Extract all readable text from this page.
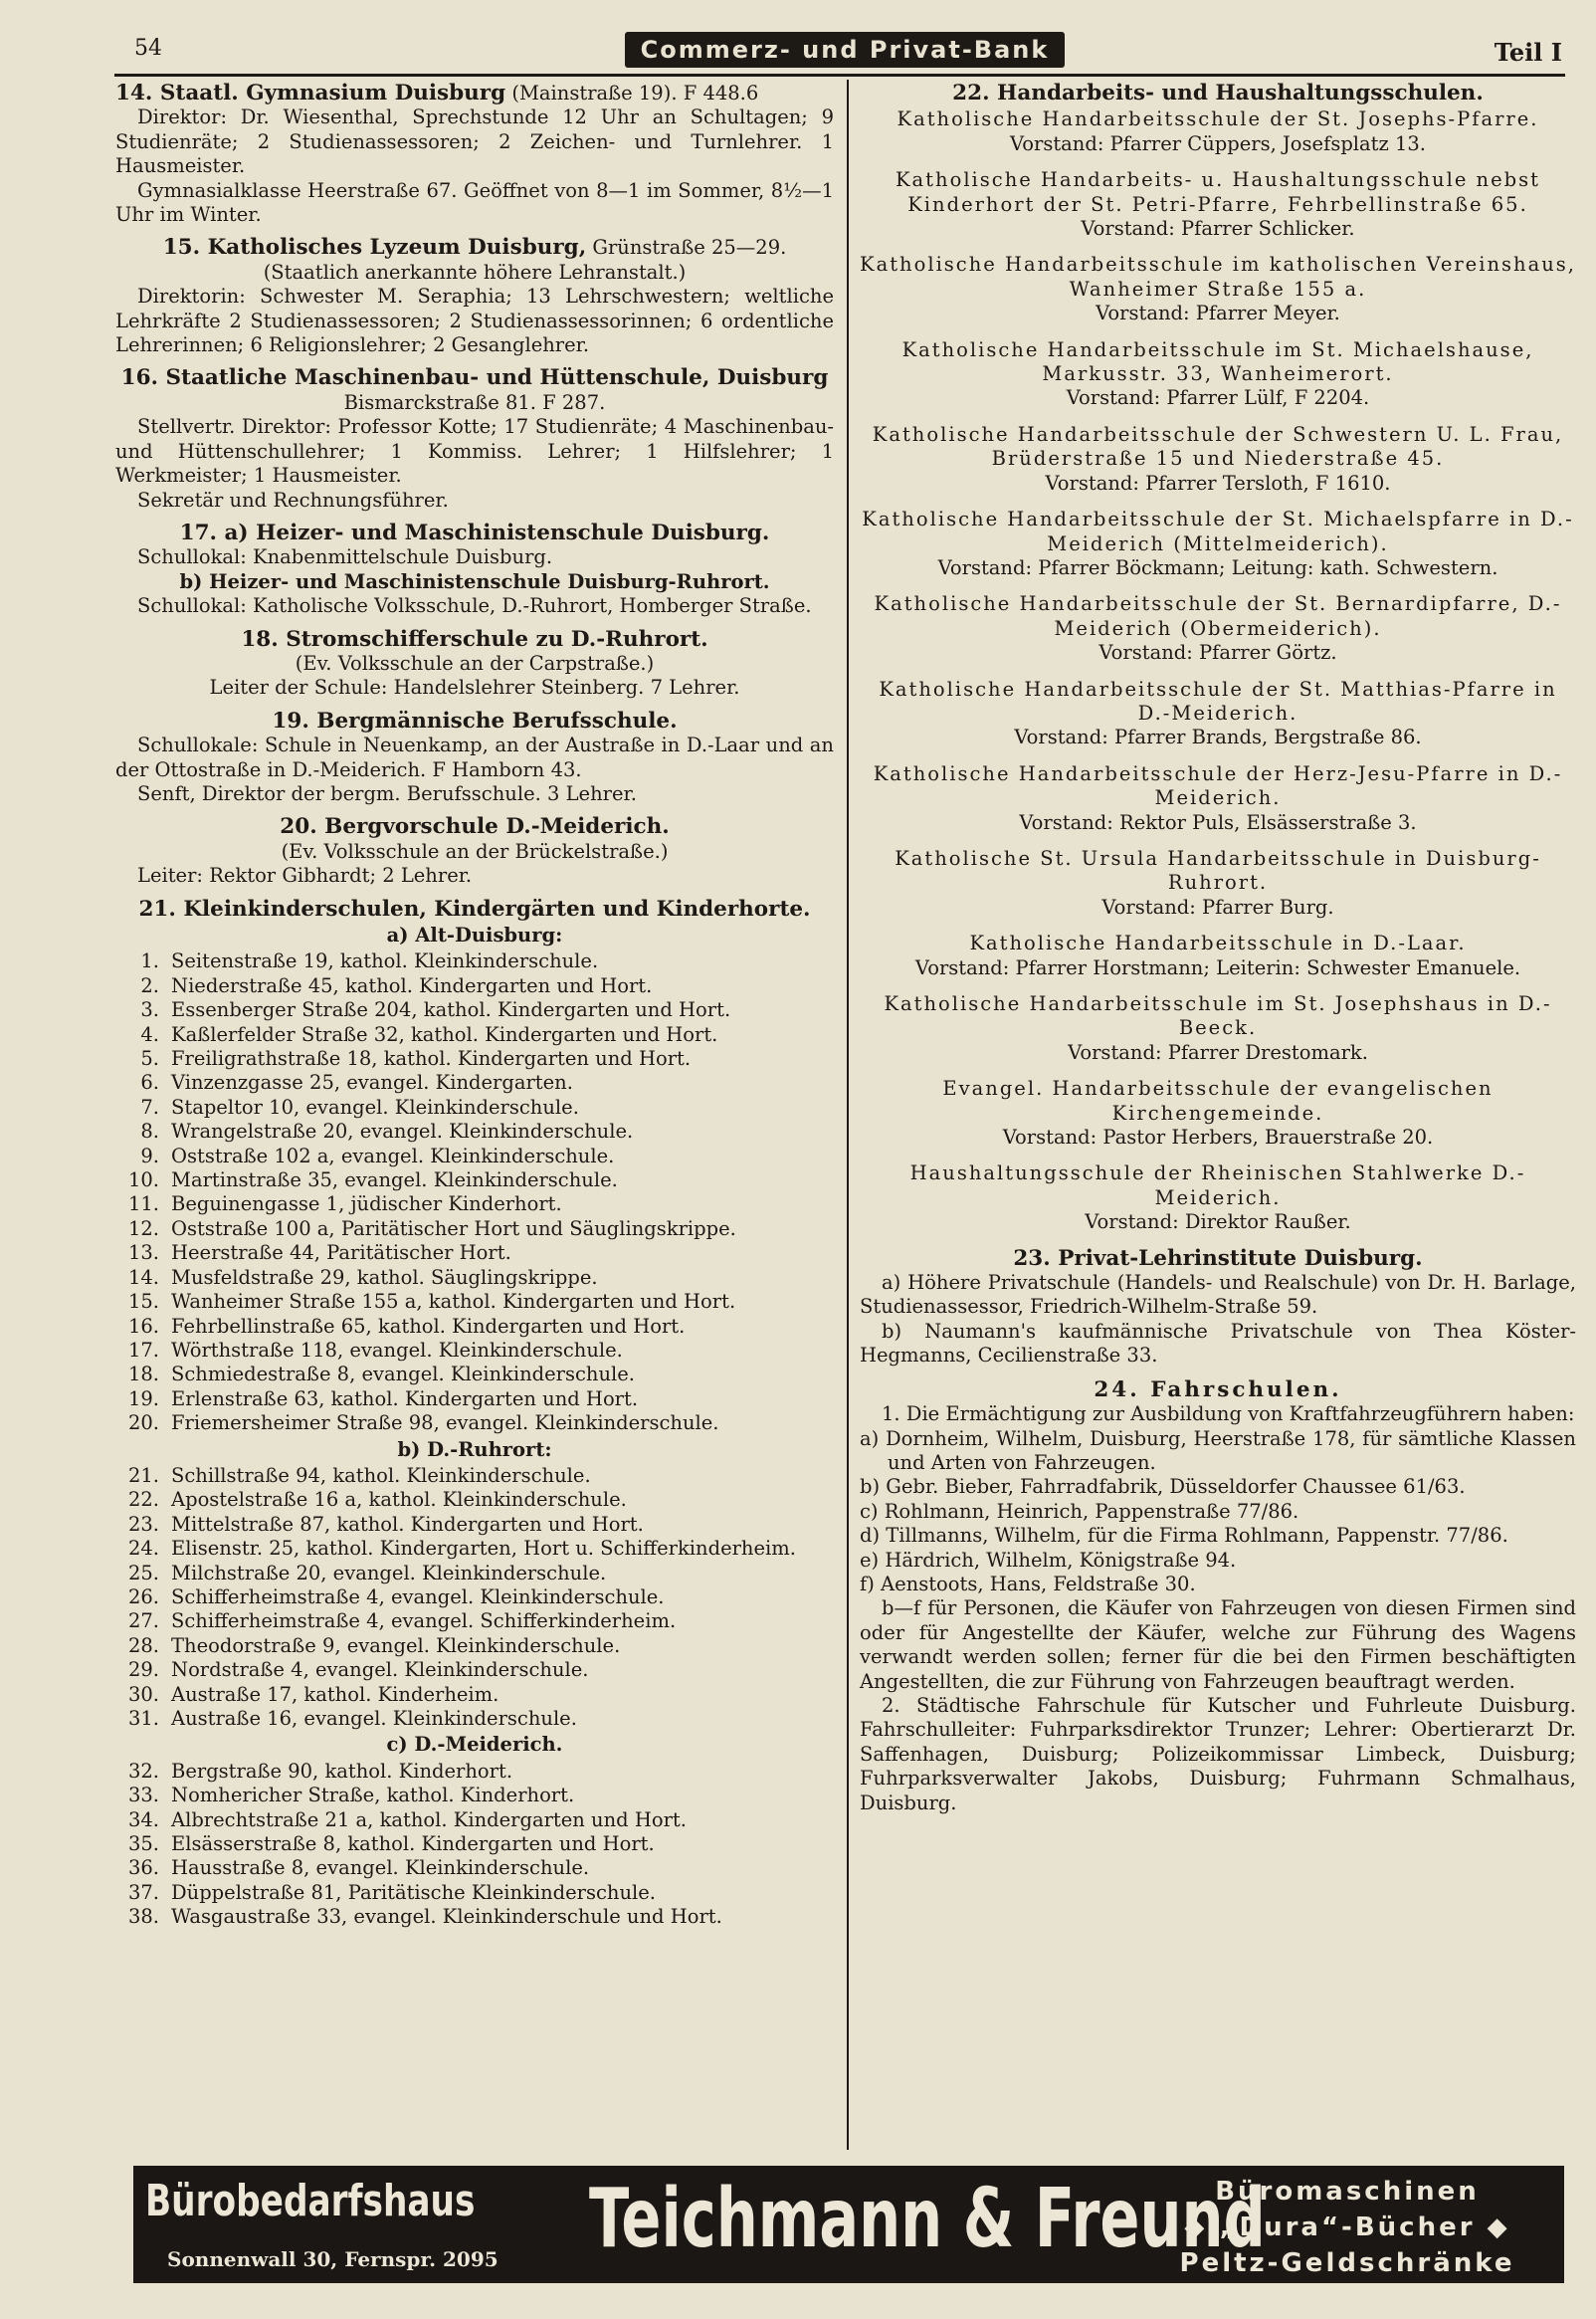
54	Commerz- und Privat-Bank	Teil I
14. Staatl. Gymnasium Duisburg (Mainstraße 19). F 448.6
Direktor: Dr. Wiesenthal, Sprechstunde 12 Uhr an Schultagen; 9 Studienräte; 2 Studienassessoren; 2 Zeichen- und Turnlehrer. 1 Hausmeister.
Gymnasialklasse Heerstraße 67. Geöffnet von 8—1 im Sommer, 8½—1 Uhr im Winter.
15. Katholisches Lyzeum Duisburg, Grünstraße 25—29.
(Staatlich anerkannte höhere Lehranstalt.)
Direktorin: Schwester M. Seraphia; 13 Lehrschwestern; weltliche Lehrkräfte 2 Studienassessoren; 2 Studienassessorinnen; 6 ordentliche Lehrerinnen; 6 Religionslehrer; 2 Gesanglehrer.
16. Staatliche Maschinenbau- und Hüttenschule, Duisburg
Bismarckstraße 81. F 287.
Stellvertr. Direktor: Professor Kotte; 17 Studienräte; 4 Maschinenbau- und Hüttenschullehrer; 1 Kommiss. Lehrer; 1 Hilfslehrer; 1 Werkmeister; 1 Hausmeister.
Sekretär und Rechnungsführer.
17. a) Heizer- und Maschinistenschule Duisburg.
Schullokal: Knabenmittelschule Duisburg.
b) Heizer- und Maschinistenschule Duisburg-Ruhrort.
Schullokal: Katholische Volksschule, D.-Ruhrort, Homberger Straße.
18. Stromschifferschule zu D.-Ruhrort.
(Ev. Volksschule an der Carpstraße.)
Leiter der Schule: Handelslehrer Steinberg. 7 Lehrer.
19. Bergmännische Berufsschule.
Schullokale: Schule in Neuenkamp, an der Austraße in D.-Laar und an der Ottostraße in D.-Meiderich. F Hamborn 43.
Senft, Direktor der bergm. Berufsschule. 3 Lehrer.
20. Bergvorschule D.-Meiderich.
(Ev. Volksschule an der Brückelstraße.)
Leiter: Rektor Gibhardt; 2 Lehrer.
21. Kleinkinderschulen, Kindergärten und Kinderhorte.
a) Alt-Duisburg:
1. Seitenstraße 19, kathol. Kleinkinderschule.
2. Niederstraße 45, kathol. Kindergarten und Hort.
3. Essenberger Straße 204, kathol. Kindergarten und Hort.
4. Kaßlerfelder Straße 32, kathol. Kindergarten und Hort.
5. Freiligrathstraße 18, kathol. Kindergarten und Hort.
6. Vinzenzgasse 25, evangel. Kindergarten.
7. Stapeltor 10, evangel. Kleinkinderschule.
8. Wrangelstraße 20, evangel. Kleinkinderschule.
9. Oststraße 102 a, evangel. Kleinkinderschule.
10. Martinstraße 35, evangel. Kleinkinderschule.
11. Beguinengasse 1, jüdischer Kinderhort.
12. Oststraße 100 a, Paritätischer Hort und Säuglingskrippe.
13. Heerstraße 44, Paritätischer Hort.
14. Musfeldstraße 29, kathol. Säuglingskrippe.
15. Wanheimer Straße 155 a, kathol. Kindergarten und Hort.
16. Fehrbellinstraße 65, kathol. Kindergarten und Hort.
17. Wörthstraße 118, evangel. Kleinkinderschule.
18. Schmiedestraße 8, evangel. Kleinkinderschule.
19. Erlenstraße 63, kathol. Kindergarten und Hort.
20. Friemersheimer Straße 98, evangel. Kleinkinderschule.
b) D.-Ruhrort:
21. Schillstraße 94, kathol. Kleinkinderschule.
22. Apostelstraße 16 a, kathol. Kleinkinderschule.
23. Mittelstraße 87, kathol. Kindergarten und Hort.
24. Elisenstr. 25, kathol. Kindergarten, Hort u. Schifferkinderheim.
25. Milchstraße 20, evangel. Kleinkinderschule.
26. Schifferheimstraße 4, evangel. Kleinkinderschule.
27. Schifferheimstraße 4, evangel. Schifferkinderheim.
28. Theodorstraße 9, evangel. Kleinkinderschule.
29. Nordstraße 4, evangel. Kleinkinderschule.
30. Austraße 17, kathol. Kinderheim.
31. Austraße 16, evangel. Kleinkinderschule.
c) D.-Meiderich.
32. Bergstraße 90, kathol. Kinderhort.
33. Nomhericher Straße, kathol. Kinderhort.
34. Albrechtstraße 21 a, kathol. Kindergarten und Hort.
35. Elsässerstraße 8, kathol. Kindergarten und Hort.
36. Hausstraße 8, evangel. Kleinkinderschule.
37. Düppelstraße 81, Paritätische Kleinkinderschule.
38. Wasgaustraße 33, evangel. Kleinkinderschule und Hort.
22. Handarbeits- und Haushaltungsschulen.
Katholische Handarbeitsschule der St. Josephs-Pfarre.
Vorstand: Pfarrer Cüppers, Josefsplatz 13.
Katholische Handarbeits- u. Haushaltungsschule nebst Kinderhort der St. Petri-Pfarre, Fehrbellinstraße 65.
Vorstand: Pfarrer Schlicker.
Katholische Handarbeitsschule im katholischen Vereinshaus, Wanheimer Straße 155 a.
Vorstand: Pfarrer Meyer.
Katholische Handarbeitsschule im St. Michaelshause, Markusstr. 33, Wanheimerort.
Vorstand: Pfarrer Lülf, F 2204.
Katholische Handarbeitsschule der Schwestern U. L. Frau, Brüderstraße 15 und Niederstraße 45.
Vorstand: Pfarrer Tersloth, F 1610.
Katholische Handarbeitsschule der St. Michaelspfarre in D.-Meiderich (Mittelmeiderich).
Vorstand: Pfarrer Böckmann; Leitung: kath. Schwestern.
Katholische Handarbeitsschule der St. Bernardipfarre, D.-Meiderich (Obermeiderich).
Vorstand: Pfarrer Görtz.
Katholische Handarbeitsschule der St. Matthias-Pfarre in D.-Meiderich.
Vorstand: Pfarrer Brands, Bergstraße 86.
Katholische Handarbeitsschule der Herz-Jesu-Pfarre in D.-Meiderich.
Vorstand: Rektor Puls, Elsässerstraße 3.
Katholische St. Ursula Handarbeitsschule in Duisburg-Ruhrort.
Vorstand: Pfarrer Burg.
Katholische Handarbeitsschule in D.-Laar.
Vorstand: Pfarrer Horstmann; Leiterin: Schwester Emanuele.
Katholische Handarbeitsschule im St. Josephshaus in D.-Beeck.
Vorstand: Pfarrer Drestomark.
Evangel. Handarbeitsschule der evangelischen Kirchengemeinde.
Vorstand: Pastor Herbers, Brauerstraße 20.
Haushaltungsschule der Rheinischen Stahlwerke D.-Meiderich.
Vorstand: Direktor Raußer.
23. Privat-Lehrinstitute Duisburg.
a) Höhere Privatschule (Handels- und Realschule) von Dr. H. Barlage, Studienassessor, Friedrich-Wilhelm-Straße 59.
b) Naumann's kaufmännische Privatschule von Thea Köster-Hegmanns, Cecilienstraße 33.
24. Fahrschulen.
1. Die Ermächtigung zur Ausbildung von Kraftfahrzeugführern haben:
a) Dornheim, Wilhelm, Duisburg, Heerstraße 178, für sämtliche Klassen und Arten von Fahrzeugen.
b) Gebr. Bieber, Fahrradfabrik, Düsseldorfer Chaussee 61/63.
c) Rohlmann, Heinrich, Pappenstraße 77/86.
d) Tillmanns, Wilhelm, für die Firma Rohlmann, Pappenstr. 77/86.
e) Härdrich, Wilhelm, Königstraße 94.
f) Aenstoots, Hans, Feldstraße 30.
b—f für Personen, die Käufer von Fahrzeugen von diesen Firmen sind oder für Angestellte der Käufer, welche zur Führung des Wagens verwandt werden sollen; ferner für die bei den Firmen beschäftigten Angestellten, die zur Führung von Fahrzeugen beauftragt werden.
2. Städtische Fahrschule für Kutscher und Fuhrleute Duisburg. Fahrschulleiter: Fuhrparksdirektor Trunzer; Lehrer: Obertierarzt Dr. Saffenhagen, Duisburg; Polizeikommissar Limbeck, Duisburg; Fuhrparksverwalter Jakobs, Duisburg; Fuhrmann Schmalhaus, Duisburg.
Bürobedarfshaus
Sonnenwall 30, Fernspr. 2095 Teichmann & Freund
Büromaschinen
◆ „Dura“-Bücher ◆
Peltz-Geldschränke
